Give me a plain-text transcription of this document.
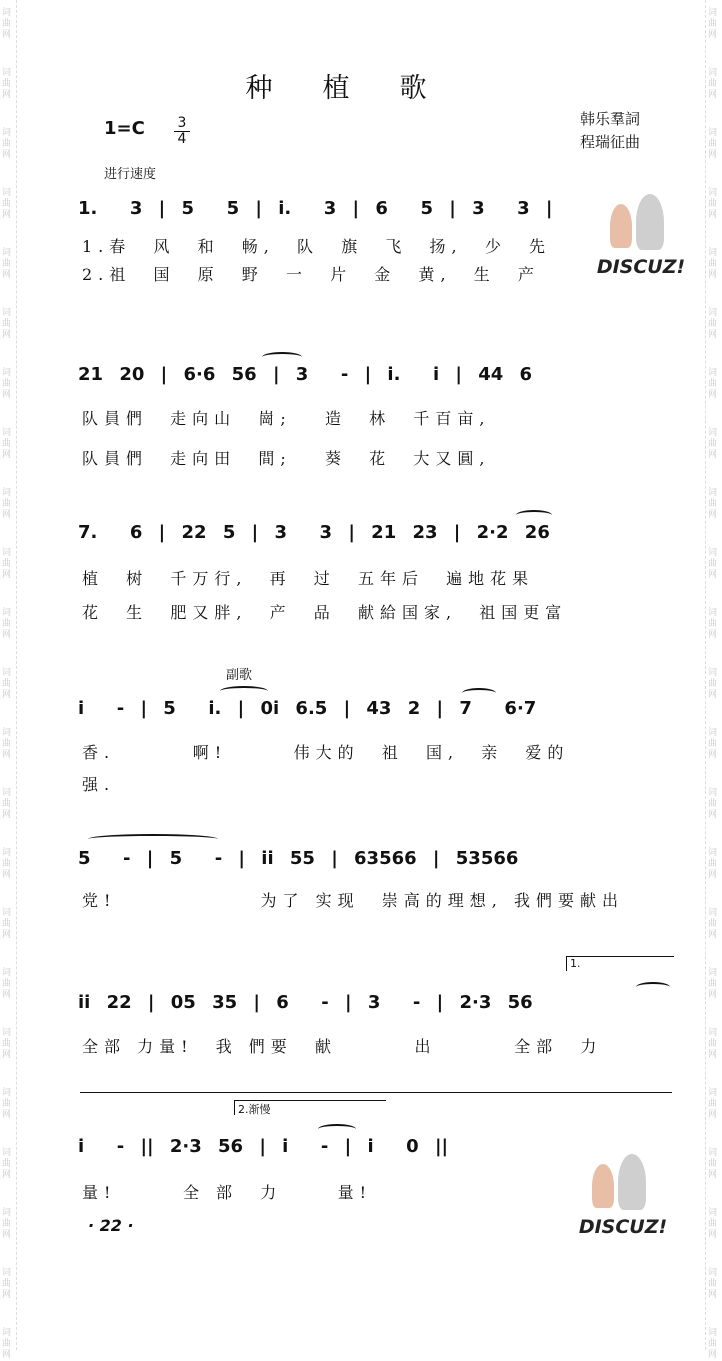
词
曲
网
词
曲
网
词
曲
网
词
曲
网
词
曲
网
词
曲
网
词
曲
网
词
曲
网
词
曲
网
词
曲
网
词
曲
网
词
曲
网
词
曲
网
词
曲
网
词
曲
网
词
曲
网
词
曲
网
词
曲
网
词
曲
网
词
曲
网
词
曲
网
词
曲
网
词
曲
网
词
曲
网
词
曲
网
词
曲
网
词
曲
网
词
曲
网
词
曲
网
词
曲
网
词
曲
网
词
曲
网
词
曲
网
词
曲
网
词
曲
网
词
曲
网
词
曲
网
词
曲
网
词
曲
网
词
曲
网
词
曲
网
词
曲
网
词
曲
网
词
曲
网
词
曲
网
词
曲
网
种植歌
$1=C \frac{3}{4}$	韩乐羣詞
程瑞征曲
进行速度
1.  3 | 5  5 | i.  3 | 6  5 | 3  3 |
1.春  风  和  畅,  队  旗  飞  扬,  少  先
2.祖  国  原  野  一  片  金  黄,  生  产
21 20 | 6·6 56 | 3  - | i.  i | 44 6
队員們  走向山  崗;   造  林  千百亩,
队員們  走向田  間;   葵  花  大又圓,
7.  6 | 22 5 | 3  3 | 21 23 | 2·2 26
植  树  千万行,  再  过  五年后  遍地花果
花  生  肥又胖,  产  品  献給国家,  祖国更富
副歌
i  - | 5  i. | 0i 6.5 | 43 2 | 7  6·7
香.       啊!      伟大的  祖  国,  亲  爱的
强.
5  - | 5  - | ii 55 | 63566 | 53566
党!             为了 实现  崇高的理想, 我們要献出
1.
ii 22 | 05 35 | 6  - | 3  - | 2·3 56
全部 力量!  我 們要  献       出       全部  力
2.渐慢
i  - || 2·3 56 | i  - | i  0 ||
量!      全 部  力     量!
· 22 ·
DISCUZ!
DISCUZ!
